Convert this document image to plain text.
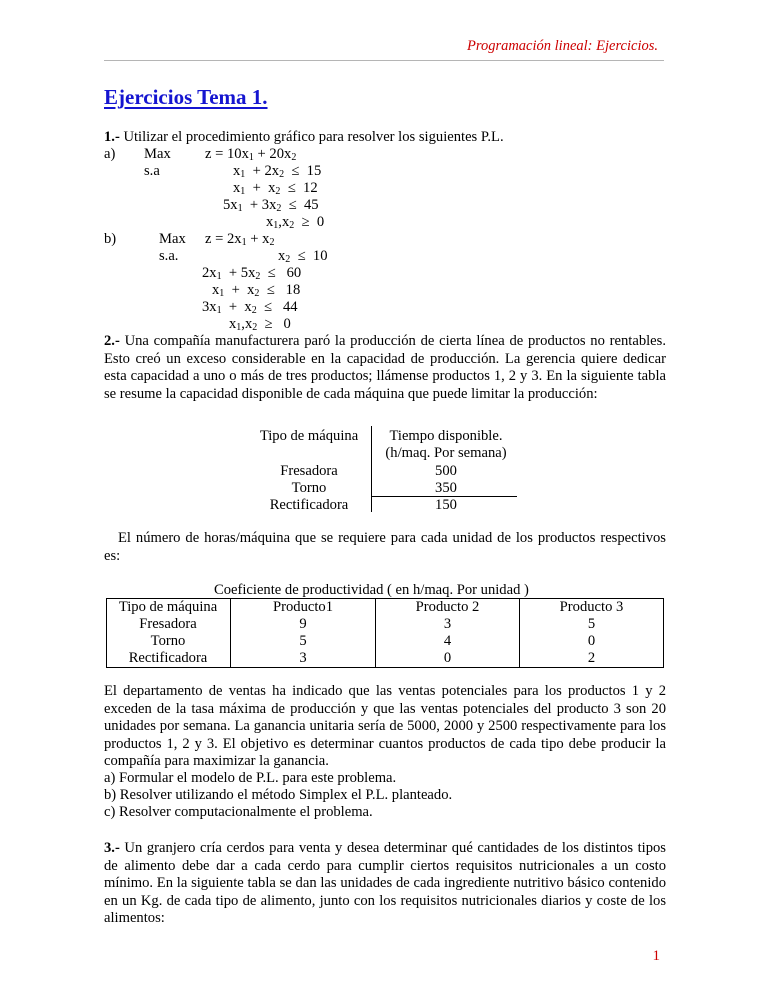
Programación lineal: Ejercicios.
Ejercicios Tema 1.
1.- Utilizar el procedimiento gráfico para resolver los siguientes P.L.
a) Max $z = 10x_1 + 20x_2$
s.a	$x_1 + 2x_2 \le 15$
$x_1 + x_2 \le 12$
$5x_1 + 3x_2 \le 45$
$x_1,x_2 \ge 0$
b)	Max $z = 2x_1 + x_2$
s.a.	$x_2 \le 10$
$2x_1 + 5x_2 \le 60$
$x_1 + x_2 \le 18$
$3x_1 + x_2 \le 44$
$x_1,x_2 \ge 0$
2.- Una compañía manufacturera paró la producción de cierta línea de productos no rentables. Esto creó un exceso considerable en la capacidad de producción. La gerencia quiere dedicar esta capacidad a uno o más de tres productos; llámense productos 1, 2 y 3. En la siguiente tabla se resume la capacidad disponible de cada máquina que puede limitar la producción:
Tipo de máquina	Tiempo disponible.
(h/maq. Por semana)
Fresadora	500
Torno	350
Rectificadora	150
El número de horas/máquina que se requiere para cada unidad de los productos respectivos es:
Coeficiente de productividad ( en h/maq. Por unidad )
Tipo de máquina	Producto1	Producto 2	Producto 3
Fresadora	9	3	5
Torno	5	4	0
Rectificadora	3	0	2
El departamento de ventas ha indicado que las ventas potenciales para los productos 1 y 2 exceden de la tasa máxima de producción y que las ventas potenciales del producto 3 son 20 unidades por semana. La ganancia unitaria sería de 5000, 2000 y 2500 respectivamente para los productos 1, 2 y 3. El objetivo es determinar cuantos productos de cada tipo debe producir la compañía para maximizar la ganancia.
a) Formular el modelo de P.L. para este problema.
b) Resolver utilizando el método Simplex el P.L. planteado.
c) Resolver computacionalmente el problema.
3.- Un granjero cría cerdos para venta y desea determinar qué cantidades de los distintos tipos de alimento debe dar a cada cerdo para cumplir ciertos requisitos nutricionales a un costo mínimo. En la siguiente tabla se dan las unidades de cada ingrediente nutritivo básico contenido en un Kg. de cada tipo de alimento, junto con los requisitos nutricionales diarios y coste de los alimentos:
1
